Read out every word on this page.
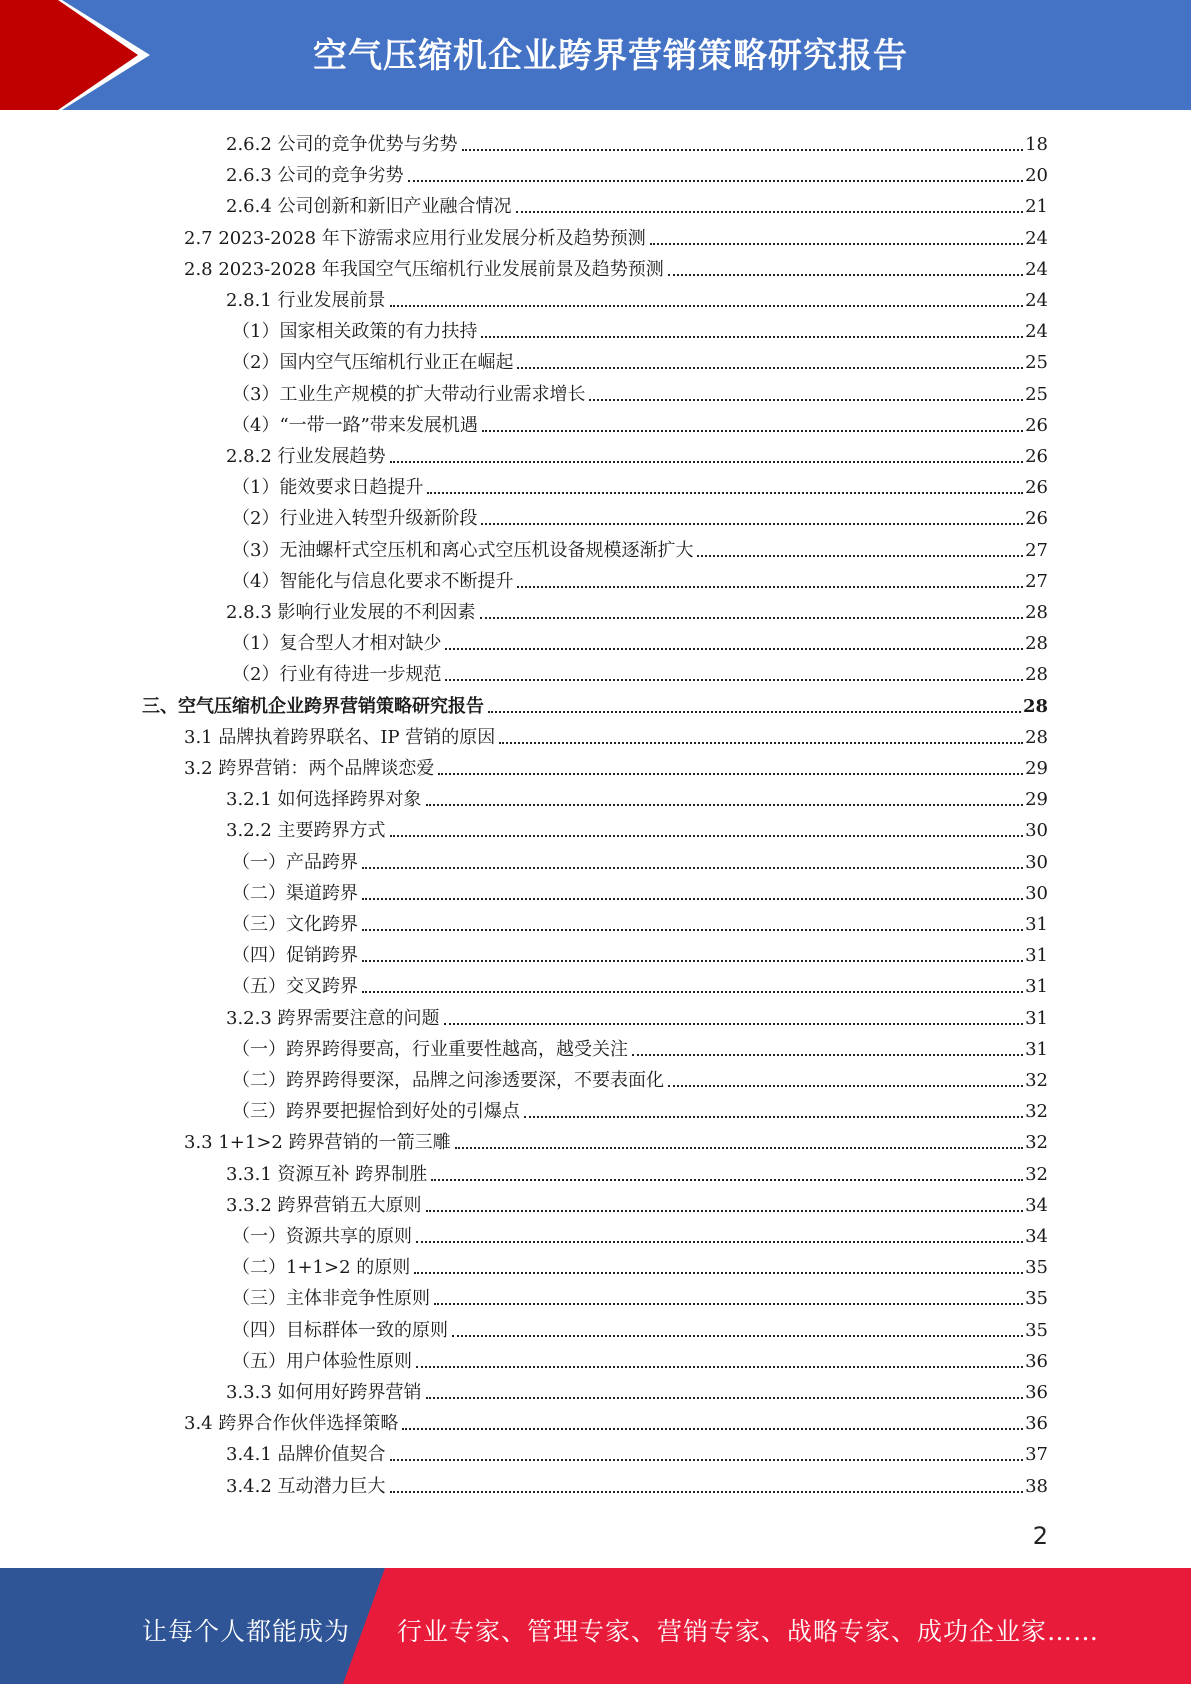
空气压缩机企业跨界营销策略研究报告
2.6.2 公司的竞争优势与劣势	18
2.6.3 公司的竞争劣势	20
2.6.4 公司创新和新旧产业融合情况	21
2.7 2023-2028 年下游需求应用行业发展分析及趋势预测	24
2.8 2023-2028 年我国空气压缩机行业发展前景及趋势预测	24
2.8.1 行业发展前景	24
（1）国家相关政策的有力扶持	24
（2）国内空气压缩机行业正在崛起	25
（3）工业生产规模的扩大带动行业需求增长	25
（4）“一带一路”带来发展机遇	26
2.8.2 行业发展趋势	26
（1）能效要求日趋提升	26
（2）行业进入转型升级新阶段	26
（3）无油螺杆式空压机和离心式空压机设备规模逐渐扩大	27
（4）智能化与信息化要求不断提升	27
2.8.3 影响行业发展的不利因素	28
（1）复合型人才相对缺少	28
（2）行业有待进一步规范	28
三、空气压缩机企业跨界营销策略研究报告	28
3.1 品牌执着跨界联名、IP 营销的原因	28
3.2 跨界营销：两个品牌谈恋爱	29
3.2.1 如何选择跨界对象	29
3.2.2 主要跨界方式	30
（一）产品跨界	30
（二）渠道跨界	30
（三）文化跨界	31
（四）促销跨界	31
（五）交叉跨界	31
3.2.3 跨界需要注意的问题	31
（一）跨界跨得要高，行业重要性越高，越受关注	31
（二）跨界跨得要深，品牌之问渗透要深，不要表面化	32
（三）跨界要把握恰到好处的引爆点	32
3.3 1+1>2 跨界营销的一箭三雕	32
3.3.1 资源互补 跨界制胜	32
3.3.2 跨界营销五大原则	34
（一）资源共享的原则	34
（二）1+1>2 的原则	35
（三）主体非竞争性原则	35
（四）目标群体一致的原则	35
（五）用户体验性原则	36
3.3.3 如何用好跨界营销	36
3.4 跨界合作伙伴选择策略	36
3.4.1 品牌价值契合	37
3.4.2 互动潜力巨大	38
2
让每个人都能成为 行业专家、管理专家、营销专家、战略专家、成功企业家……
